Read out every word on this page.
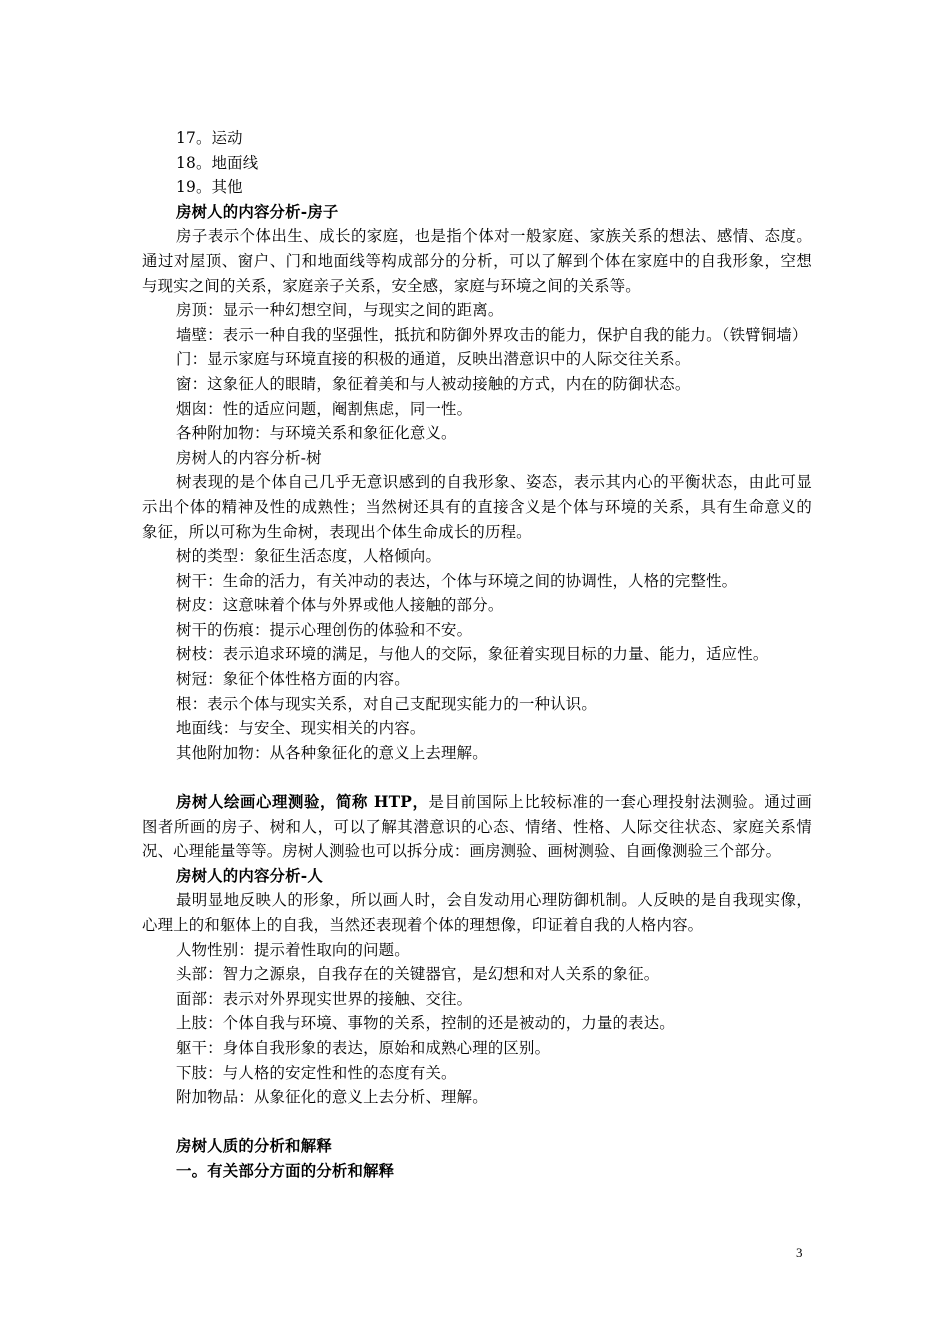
17。运动

18。地面线

19。其他

房树人的内容分析-房子

房子表示个体出生、成长的家庭，也是指个体对一般家庭、家族关系的想法、感情、态度。通过对屋顶、窗户、门和地面线等构成部分的分析，可以了解到个体在家庭中的自我形象，空想与现实之间的关系，家庭亲子关系，安全感，家庭与环境之间的关系等。

房顶：显示一种幻想空间，与现实之间的距离。

墙壁：表示一种自我的坚强性，抵抗和防御外界攻击的能力，保护自我的能力。（铁臂铜墙）

门：显示家庭与环境直接的积极的通道，反映出潜意识中的人际交往关系。

窗：这象征人的眼睛，象征着美和与人被动接触的方式，内在的防御状态。

烟囱：性的适应问题，阉割焦虑，同一性。

各种附加物：与环境关系和象征化意义。

房树人的内容分析-树

树表现的是个体自己几乎无意识感到的自我形象、姿态，表示其内心的平衡状态，由此可显示出个体的精神及性的成熟性；当然树还具有的直接含义是个体与环境的关系，具有生命意义的象征，所以可称为生命树，表现出个体生命成长的历程。

树的类型：象征生活态度，人格倾向。

树干：生命的活力，有关冲动的表达，个体与环境之间的协调性，人格的完整性。

树皮：这意味着个体与外界或他人接触的部分。

树干的伤痕：提示心理创伤的体验和不安。

树枝：表示追求环境的满足，与他人的交际，象征着实现目标的力量、能力，适应性。

树冠：象征个体性格方面的内容。

根：表示个体与现实关系，对自己支配现实能力的一种认识。

地面线：与安全、现实相关的内容。

其他附加物：从各种象征化的意义上去理解。

房树人绘画心理测验，简称 HTP，是目前国际上比较标准的一套心理投射法测验。通过画图者所画的房子、树和人，可以了解其潜意识的心态、情绪、性格、人际交往状态、家庭关系情况、心理能量等等。房树人测验也可以拆分成：画房测验、画树测验、自画像测验三个部分。

房树人的内容分析-人

最明显地反映人的形象，所以画人时，会自发动用心理防御机制。人反映的是自我现实像，心理上的和躯体上的自我，当然还表现着个体的理想像，印证着自我的人格内容。

人物性别：提示着性取向的问题。

头部：智力之源泉，自我存在的关键器官，是幻想和对人关系的象征。

面部：表示对外界现实世界的接触、交往。

上肢：个体自我与环境、事物的关系，控制的还是被动的，力量的表达。

躯干：身体自我形象的表达，原始和成熟心理的区别。

下肢：与人格的安定性和性的态度有关。

附加物品：从象征化的意义上去分析、理解。

房树人质的分析和解释

一。有关部分方面的分析和解释

3
